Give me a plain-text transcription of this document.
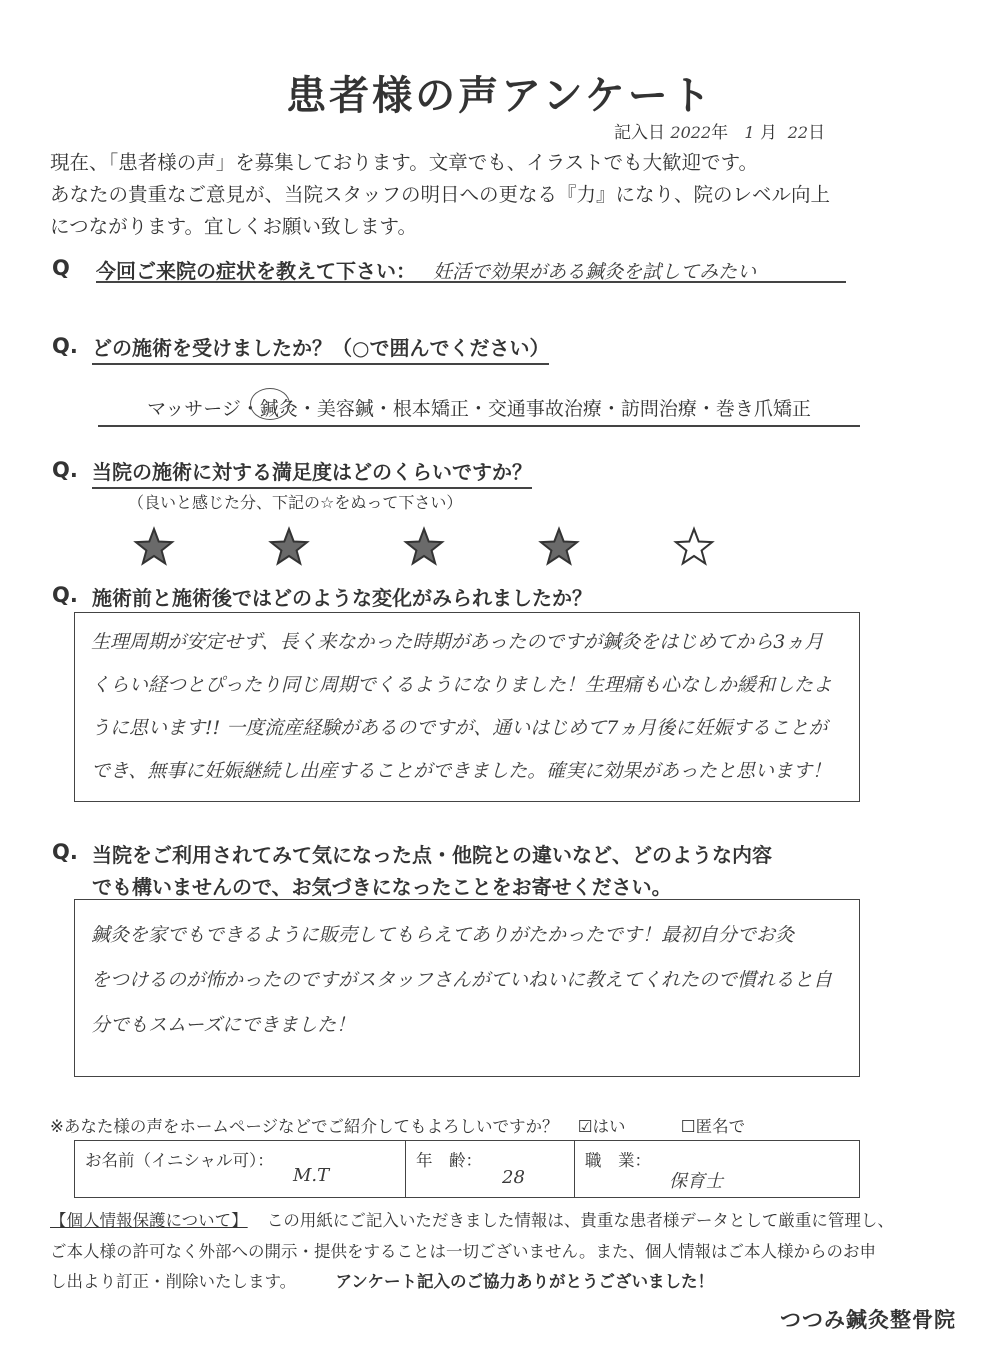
患者様の声アンケート
記入日 2022年 1 月 22日
現在、「患者様の声」を募集しております。文章でも、イラストでも大歓迎です。
あなたの貴重なご意見が、当院スタッフの明日への更なる『力』になり、院のレベル向上
につながります。宜しくお願い致します。
Q 今回ご来院の症状を教えて下さい： 妊活で効果がある鍼灸を試してみたい
Q. どの施術を受けましたか？（○で囲んでください）
マッサージ・鍼灸・美容鍼・根本矯正・交通事故治療・訪問治療・巻き爪矯正
Q. 当院の施術に対する満足度はどのくらいですか？
（良いと感じた分、下記の☆をぬって下さい）
Q. 施術前と施術後ではどのような変化がみられましたか？
生理周期が安定せず、長く来なかった時期があったのですが鍼灸をはじめてから3ヵ月
くらい経つとぴったり同じ周期でくるようになりました！生理痛も心なしか緩和したよ
うに思います!! 一度流産経験があるのですが、通いはじめて7ヵ月後に妊娠することが
でき、無事に妊娠継続し出産することができました。確実に効果があったと思います！
Q. 当院をご利用されてみて気になった点・他院との違いなど、どのような内容
でも構いませんので、お気づきになったことをお寄せください。
鍼灸を家でもできるように販売してもらえてありがたかったです！最初自分でお灸
をつけるのが怖かったのですがスタッフさんがていねいに教えてくれたので慣れると自
分でもスムーズにできました！
※あなた様の声をホームページなどでご紹介してもよろしいですか？ ☑はい	☐匿名で
お名前（イニシャル可）：
M.T
年　齢：
28
職　業：
保育士
【個人情報保護について】 この用紙にご記入いただきました情報は、貴重な患者様データとして厳重に管理し、
ご本人様の許可なく外部への開示・提供をすることは一切ございません。また、個人情報はご本人様からのお申
し出より訂正・削除いたします。 アンケート記入のご協力ありがとうございました！
つつみ鍼灸整骨院
